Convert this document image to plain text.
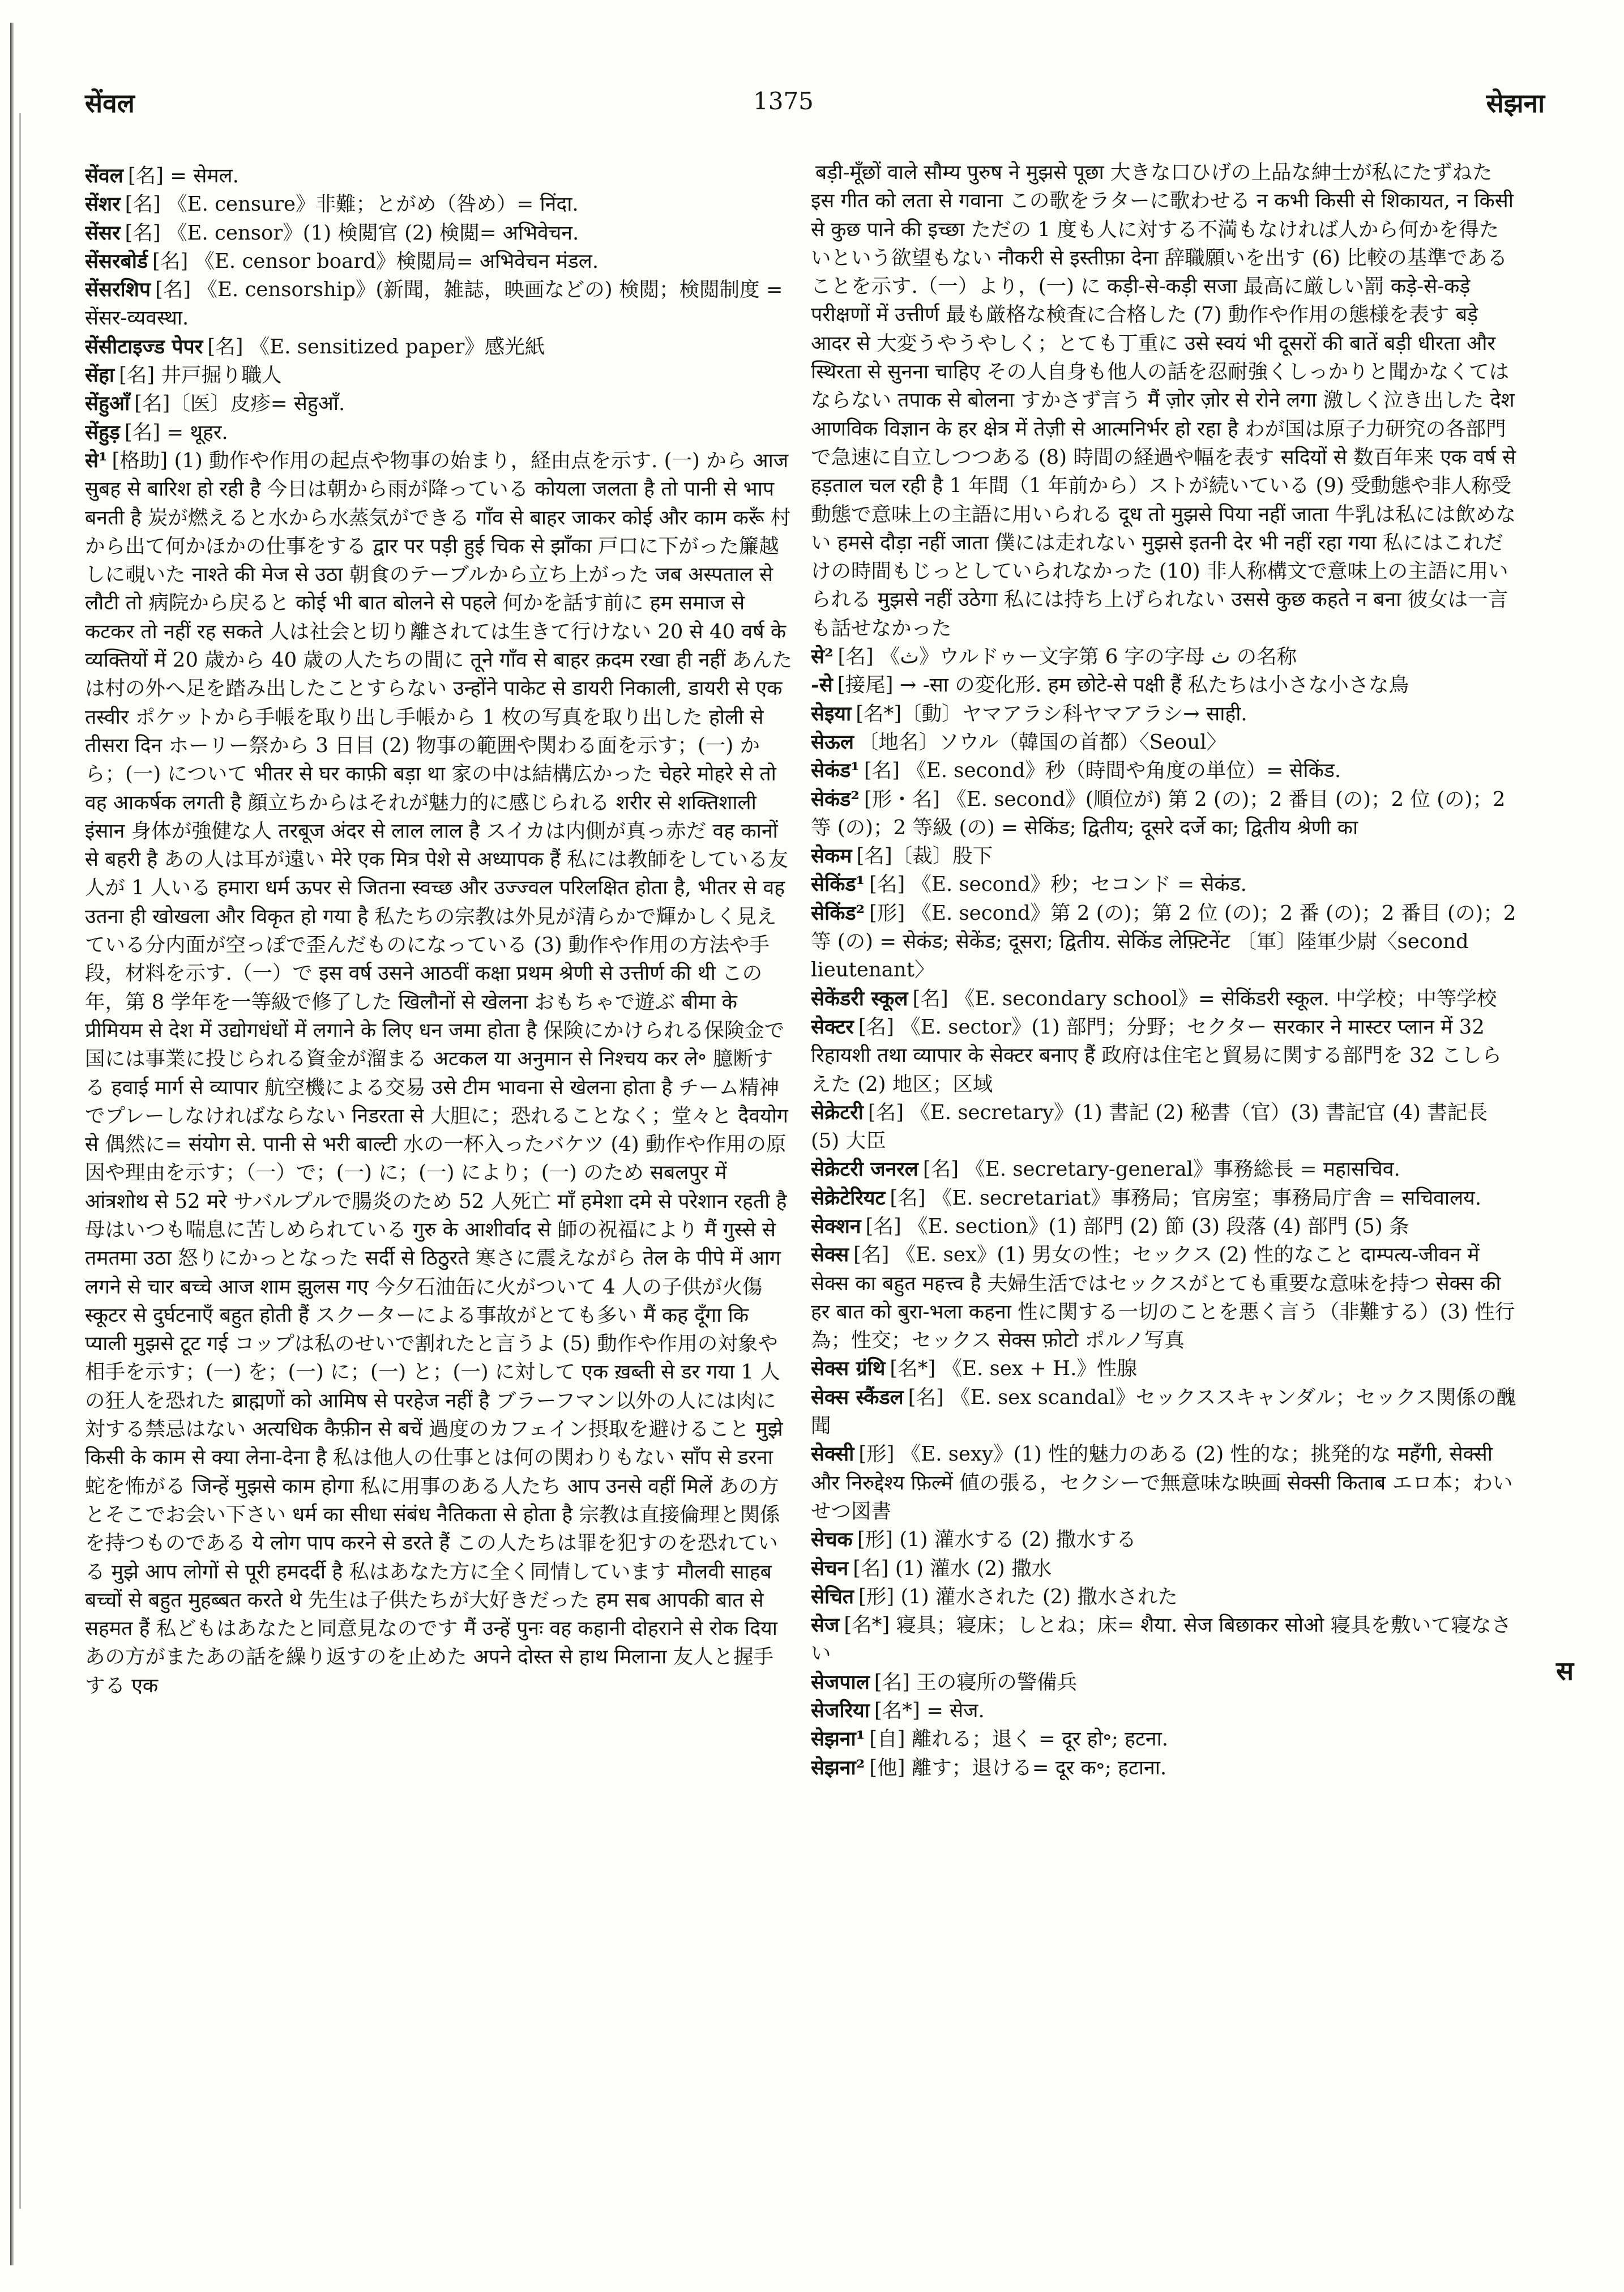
सेंवल	1375	सेझना
सेंवल [名] = सेमल.
सेंशर [名] 《E. censure》非難；とがめ（咎め）= निंदा.
सेंसर [名] 《E. censor》(1) 検閲官 (2) 検閲= अभिवेचन.
सेंसरबोर्ड [名] 《E. censor board》検閲局= अभिवेचन मंडल.
सेंसरशिप [名] 《E. censorship》(新聞，雑誌，映画などの) 検閲；検閲制度 = सेंसर-व्यवस्था.
सेंसीटाइज्ड पेपर [名] 《E. sensitized paper》感光紙
सेंहा [名] 井戸掘り職人
सेंहुआँ [名]〔医〕皮疹= सेहुआँ.
सेंहुड़ [名] = थूहर.
से¹ [格助] (1) 動作や作用の起点や物事の始まり，経由点を示す. (一) から आज सुबह से बारिश हो रही है 今日は朝から雨が降っている कोयला जलता है तो पानी से भाप बनती है 炭が燃えると水から水蒸気ができる गाँव से बाहर जाकर कोई और काम करूँ 村から出て何かほかの仕事をする द्वार पर पड़ी हुई चिक से झाँका 戸口に下がった簾越しに覗いた नाश्ते की मेज से उठा 朝食のテーブルから立ち上がった जब अस्पताल से लौटी तो 病院から戻ると कोई भी बात बोलने से पहले 何かを話す前に हम समाज से कटकर तो नहीं रह सकते 人は社会と切り離されては生きて行けない 20 से 40 वर्ष के व्यक्तियों में 20 歳から 40 歳の人たちの間に तूने गाँव से बाहर क़दम रखा ही नहीं あんたは村の外へ足を踏み出したことすらない उन्होंने पाकेट से डायरी निकाली, डायरी से एक तस्वीर ポケットから手帳を取り出し手帳から 1 枚の写真を取り出した होली से तीसरा दिन ホーリー祭から 3 日目 (2) 物事の範囲や関わる面を示す；(一) から；(一) について भीतर से घर काफ़ी बड़ा था 家の中は結構広かった चेहरे मोहरे से तो वह आकर्षक लगती है 顔立ちからはそれが魅力的に感じられる शरीर से शक्तिशाली इंसान 身体が強健な人 तरबूज अंदर से लाल लाल है スイカは内側が真っ赤だ वह कानों से बहरी है あの人は耳が遠い मेरे एक मित्र पेशे से अध्यापक हैं 私には教師をしている友人が 1 人いる हमारा धर्म ऊपर से जितना स्वच्छ और उज्ज्वल परिलक्षित होता है, भीतर से वह उतना ही खोखला और विकृत हो गया है 私たちの宗教は外見が清らかで輝かしく見えている分内面が空っぽで歪んだものになっている (3) 動作や作用の方法や手段，材料を示す.（一）で इस वर्ष उसने आठवीं कक्षा प्रथम श्रेणी से उत्तीर्ण की थी この年，第 8 学年を一等級で修了した खिलौनों से खेलना おもちゃで遊ぶ बीमा के प्रीमियम से देश में उद्योगधंधों में लगाने के लिए धन जमा होता है 保険にかけられる保険金で国には事業に投じられる資金が溜まる अटकल या अनुमान से निश्चय कर ले॰ 臆断する हवाई मार्ग से व्यापार 航空機による交易 उसे टीम भावना से खेलना होता है チーム精神でプレーしなければならない निडरता से 大胆に；恐れることなく；堂々と दैवयोग से 偶然に= संयोग से. पानी से भरी बाल्टी 水の一杯入ったバケツ (4) 動作や作用の原因や理由を示す；（一）で；(一) に；(一) により；(一) のため सबलपुर में आंत्रशोथ से 52 मरे サバルプルで腸炎のため 52 人死亡 माँ हमेशा दमे से परेशान रहती है 母はいつも喘息に苦しめられている गुरु के आशीर्वाद से 師の祝福により मैं गुस्से से तमतमा उठा 怒りにかっとなった सर्दी से ठिठुरते 寒さに震えながら तेल के पीपे में आग लगने से चार बच्चे आज शाम झुलस गए 今夕石油缶に火がついて 4 人の子供が火傷 स्कूटर से दुर्घटनाएँ बहुत होती हैं スクーターによる事故がとても多い मैं कह दूँगा कि प्याली मुझसे टूट गई コップは私のせいで割れたと言うよ (5) 動作や作用の対象や相手を示す；(一) を；(一) に；(一) と；(一) に対して एक ख़ब्ती से डर गया 1 人の狂人を恐れた ब्राह्मणों को आमिष से परहेज नहीं है ブラーフマン以外の人には肉に対する禁忌はない अत्यधिक कैफ़ीन से बचें 過度のカフェイン摂取を避けること मुझे किसी के काम से क्या लेना-देना है 私は他人の仕事とは何の関わりもない साँप से डरना 蛇を怖がる जिन्हें मुझसे काम होगा 私に用事のある人たち आप उनसे वहीं मिलें あの方とそこでお会い下さい धर्म का सीधा संबंध नैतिकता से होता है 宗教は直接倫理と関係を持つものである ये लोग पाप करने से डरते हैं この人たちは罪を犯すのを恐れている मुझे आप लोगों से पूरी हमदर्दी है 私はあなた方に全く同情しています मौलवी साहब बच्चों से बहुत मुहब्बत करते थे 先生は子供たちが大好きだった हम सब आपकी बात से सहमत हैं 私どもはあなたと同意見なのです मैं उन्हें पुनः वह कहानी दोहराने से रोक दिया あの方がまたあの話を繰り返すのを止めた अपने दोस्त से हाथ मिलाना 友人と握手する एक
बड़ी-मूँछों वाले सौम्य पुरुष ने मुझसे पूछा 大きな口ひげの上品な紳士が私にたずねた इस गीत को लता से गवाना この歌をラターに歌わせる न कभी किसी से शिकायत, न किसी से कुछ पाने की इच्छा ただの 1 度も人に対する不満もなければ人から何かを得たいという欲望もない नौकरी से इस्तीफ़ा देना 辞職願いを出す (6) 比較の基準であることを示す.（一）より，(一) に कड़ी-से-कड़ी सजा 最高に厳しい罰 कड़े-से-कड़े परीक्षणों में उत्तीर्ण 最も厳格な検査に合格した (7) 動作や作用の態様を表す बड़े आदर से 大変うやうやしく；とても丁重に उसे स्वयं भी दूसरों की बातें बड़ी धीरता और स्थिरता से सुनना चाहिए その人自身も他人の話を忍耐強くしっかりと聞かなくてはならない तपाक से बोलना すかさず言う मैं ज़ोर ज़ोर से रोने लगा 激しく泣き出した देश आणविक विज्ञान के हर क्षेत्र में तेज़ी से आत्मनिर्भर हो रहा है わが国は原子力研究の各部門で急速に自立しつつある (8) 時間の経過や幅を表す सदियों से 数百年来 एक वर्ष से हड़ताल चल रही है 1 年間（1 年前から）ストが続いている (9) 受動態や非人称受動態で意味上の主語に用いられる दूध तो मुझसे पिया नहीं जाता 牛乳は私には飲めない हमसे दौड़ा नहीं जाता 僕には走れない मुझसे इतनी देर भी नहीं रहा गया 私にはこれだけの時間もじっとしていられなかった (10) 非人称構文で意味上の主語に用いられる मुझसे नहीं उठेगा 私には持ち上げられない उससे कुछ कहते न बना 彼女は一言も話せなかった
से² [名] 《ث》ウルドゥー文字第 6 字の字母 ث の名称
-से [接尾] → -सा の変化形. हम छोटे-से पक्षी हैं 私たちは小さな小さな鳥
सेइया [名*]〔動〕ヤマアラシ科ヤマアラシ→ साही.
सेऊल 〔地名〕ソウル（韓国の首都）〈Seoul〉
सेकंड¹ [名] 《E. second》秒（時間や角度の単位）= सेकिंड.
सेकंड² [形・名] 《E. second》(順位が) 第 2 (の)；2 番目 (の)；2 位 (の)；2 等 (の)；2 等級 (の) = सेकिंड; द्वितीय; दूसरे दर्जे का; द्वितीय श्रेणी का
सेकम [名]〔裁〕股下
सेकिंड¹ [名] 《E. second》秒；セコンド = सेकंड.
सेकिंड² [形] 《E. second》第 2 (の)；第 2 位 (の)；2 番 (の)；2 番目 (の)；2 等 (の) = सेकंड; सेकेंड; दूसरा; द्वितीय. सेकिंड लेफ़्टिनेंट 〔軍〕陸軍少尉〈second lieutenant〉
सेकेंडरी स्कूल [名] 《E. secondary school》= सेकिंडरी स्कूल. 中学校；中等学校
सेक्टर [名] 《E. sector》(1) 部門；分野；セクター सरकार ने मास्टर प्लान में 32 रिहायशी तथा व्यापार के सेक्टर बनाए हैं 政府は住宅と貿易に関する部門を 32 こしらえた (2) 地区；区域
सेक्रेटरी [名] 《E. secretary》(1) 書記 (2) 秘書（官）(3) 書記官 (4) 書記長 (5) 大臣
सेक्रेटरी जनरल [名] 《E. secretary-general》事務総長 = महासचिव.
सेक्रेटेरियट [名] 《E. secretariat》事務局；官房室；事務局庁舎 = सचिवालय.
सेक्शन [名] 《E. section》(1) 部門 (2) 節 (3) 段落 (4) 部門 (5) 条
सेक्स [名] 《E. sex》(1) 男女の性；セックス (2) 性的なこと दाम्पत्य-जीवन में सेक्स का बहुत महत्त्व है 夫婦生活ではセックスがとても重要な意味を持つ सेक्स की हर बात को बुरा-भला कहना 性に関する一切のことを悪く言う（非難する）(3) 性行為；性交；セックス सेक्स फ़ोटो ポルノ写真
सेक्स ग्रंथि [名*] 《E. sex + H.》性腺
सेक्स स्कैंडल [名] 《E. sex scandal》セックススキャンダル；セックス関係の醜聞
सेक्सी [形] 《E. sexy》(1) 性的魅力のある (2) 性的な；挑発的な महँगी, सेक्सी और निरुद्देश्य फ़िल्में 値の張る，セクシーで無意味な映画 सेक्सी किताब エロ本；わいせつ図書
सेचक [形] (1) 灌水する (2) 撒水する
सेचन [名] (1) 灌水 (2) 撒水
सेचित [形] (1) 灌水された (2) 撒水された
सेज [名*] 寝具；寝床；しとね；床= शैया. सेज बिछाकर सोओ 寝具を敷いて寝なさい
सेजपाल [名] 王の寝所の警備兵
सेजरिया [名*] = सेज.
सेझना¹ [自] 離れる；退く = दूर हो॰; हटना.
सेझना² [他] 離す；退ける= दूर क॰; हटाना.
स
